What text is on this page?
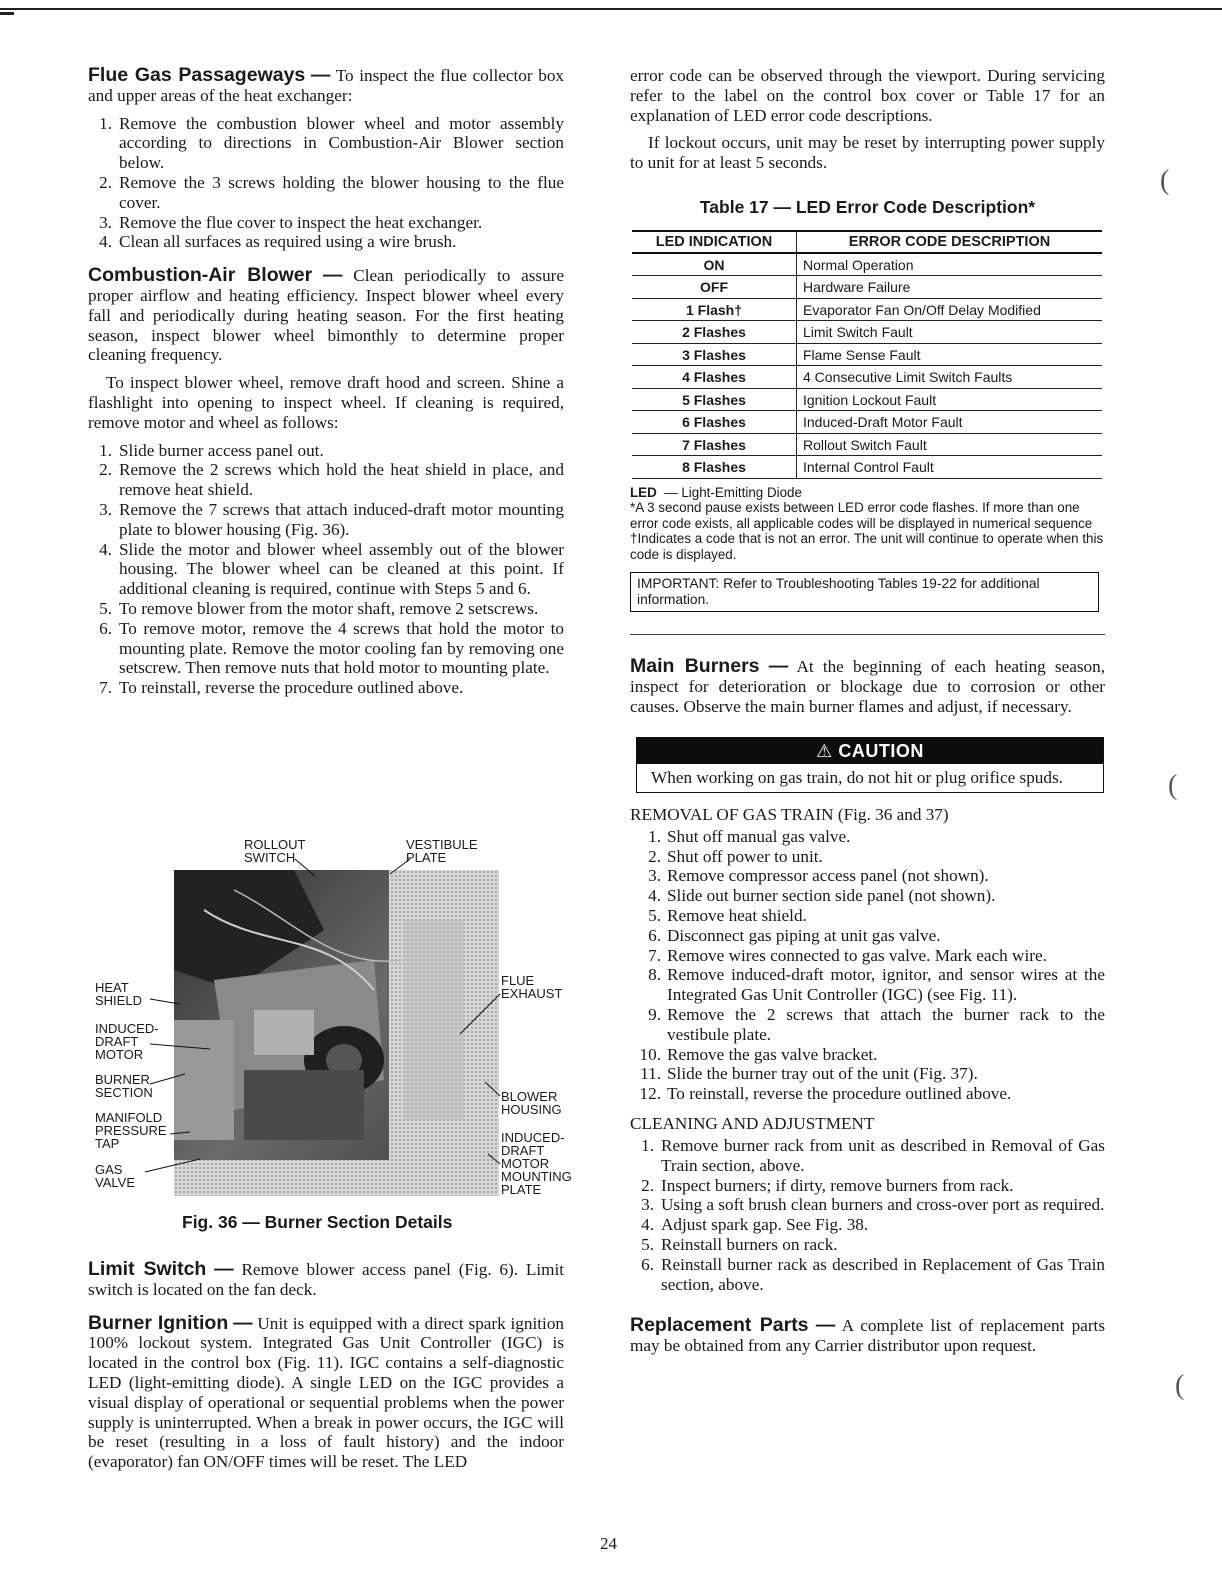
Flue Gas Passageways — To inspect the flue collector box and upper areas of the heat exchanger:

1. Remove the combustion blower wheel and motor assembly according to directions in Combustion-Air Blower section below.
2. Remove the 3 screws holding the blower housing to the flue cover.
3. Remove the flue cover to inspect the heat exchanger.
4. Clean all surfaces as required using a wire brush.

Combustion-Air Blower — Clean periodically to assure proper airflow and heating efficiency. Inspect blower wheel every fall and periodically during heating season. For the first heating season, inspect blower wheel bimonthly to determine proper cleaning frequency.

To inspect blower wheel, remove draft hood and screen. Shine a flashlight into opening to inspect wheel. If cleaning is required, remove motor and wheel as follows:

1. Slide burner access panel out.
2. Remove the 2 screws which hold the heat shield in place, and remove heat shield.
3. Remove the 7 screws that attach induced-draft motor mounting plate to blower housing (Fig. 36).
4. Slide the motor and blower wheel assembly out of the blower housing. The blower wheel can be cleaned at this point. If additional cleaning is required, continue with Steps 5 and 6.
5. To remove blower from the motor shaft, remove 2 setscrews.
6. To remove motor, remove the 4 screws that hold the motor to mounting plate. Remove the motor cooling fan by removing one setscrew. Then remove nuts that hold motor to mounting plate.
7. To reinstall, reverse the procedure outlined above.
ROLLOUT
SWITCH
VESTIBULE
PLATE
HEAT
SHIELD
INDUCED-
DRAFT
MOTOR
BURNER
SECTION
MANIFOLD
PRESSURE
TAP
GAS
VALVE
FLUE
EXHAUST
BLOWER
HOUSING
INDUCED-
DRAFT
MOTOR
MOUNTING
PLATE
Fig. 36 — Burner Section Details

Limit Switch — Remove blower access panel (Fig. 6). Limit switch is located on the fan deck.

Burner Ignition — Unit is equipped with a direct spark ignition 100% lockout system. Integrated Gas Unit Controller (IGC) is located in the control box (Fig. 11). IGC contains a self-diagnostic LED (light-emitting diode). A single LED on the IGC provides a visual display of operational or sequential problems when the power supply is uninterrupted. When a break in power occurs, the IGC will be reset (resulting in a loss of fault history) and the indoor (evaporator) fan ON/OFF times will be reset. The LED

error code can be observed through the viewport. During servicing refer to the label on the control box cover or Table 17 for an explanation of LED error code descriptions.

If lockout occurs, unit may be reset by interrupting power supply to unit for at least 5 seconds.

Table 17 — LED Error Code Description*
LED INDICATION	ERROR CODE DESCRIPTION
ON	Normal Operation
OFF	Hardware Failure
1 Flash†	Evaporator Fan On/Off Delay Modified
2 Flashes	Limit Switch Fault
3 Flashes	Flame Sense Fault
4 Flashes	4 Consecutive Limit Switch Faults
5 Flashes	Ignition Lockout Fault
6 Flashes	Induced-Draft Motor Fault
7 Flashes	Rollout Switch Fault
8 Flashes	Internal Control Fault
LED — Light-Emitting Diode
*A 3 second pause exists between LED error code flashes. If more than one error code exists, all applicable codes will be displayed in numerical sequence
†Indicates a code that is not an error. The unit will continue to operate when this code is displayed.
IMPORTANT: Refer to Troubleshooting Tables 19-22 for additional information.

Main Burners — At the beginning of each heating season, inspect for deterioration or blockage due to corrosion or other causes. Observe the main burner flames and adjust, if necessary.

⚠ CAUTION
When working on gas train, do not hit or plug orifice spuds.
REMOVAL OF GAS TRAIN (Fig. 36 and 37)
1. Shut off manual gas valve.
2. Shut off power to unit.
3. Remove compressor access panel (not shown).
4. Slide out burner section side panel (not shown).
5. Remove heat shield.
6. Disconnect gas piping at unit gas valve.
7. Remove wires connected to gas valve. Mark each wire.
8. Remove induced-draft motor, ignitor, and sensor wires at the Integrated Gas Unit Controller (IGC) (see Fig. 11).
9. Remove the 2 screws that attach the burner rack to the vestibule plate.
10. Remove the gas valve bracket.
11. Slide the burner tray out of the unit (Fig. 37).
12. To reinstall, reverse the procedure outlined above.
CLEANING AND ADJUSTMENT
1. Remove burner rack from unit as described in Removal of Gas Train section, above.
2. Inspect burners; if dirty, remove burners from rack.
3. Using a soft brush clean burners and cross-over port as required.
4. Adjust spark gap. See Fig. 38.
5. Reinstall burners on rack.
6. Reinstall burner rack as described in Replacement of Gas Train section, above.

Replacement Parts — A complete list of replacement parts may be obtained from any Carrier distributor upon request.

(
(
(
24
